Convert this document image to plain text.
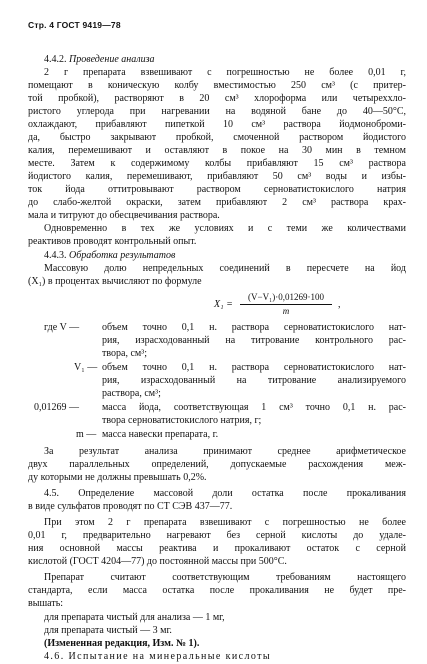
Стр. 4 ГОСТ 9419—78
4.4.2. Проведение анализа
2 г препарата взвешивают с погрешностью не более 0,01 г,
помещают в коническую колбу вместимостью 250 см³ (с притер-
той пробкой), растворяют в 20 см³ хлороформа или четыреххло-
ристого углерода при нагревании на водяной бане до 40—50°С,
охлаждают, прибавляют пипеткой 10 см³ раствора йодмоноброми-
да, быстро закрывают пробкой, смоченной раствором йодистого
калия, перемешивают и оставляют в покое на 30 мин в темном
месте. Затем к содержимому колбы прибавляют 15 см³ раствора
йодистого калия, перемешивают, прибавляют 50 см³ воды и избы-
ток йода оттитровывают раствором серноватистокислого натрия
до слабо-желтой окраски, затем прибавляют 2 см³ раствора крах-
мала и титруют до обесцвечивания раствора.
Одновременно в тех же условиях и с теми же количествами
реактивов проводят контрольный опыт.
4.4.3. Обработка результатов
Массовую долю непредельных соединений в пересчете на йод
(X₁) в процентах вычисляют по формуле
$X_1 = \frac{\text{(V−V₁)·0,01269·100}}{m}$ ,
где V — объем точно 0,1 н. раствора серноватистокислого нат-
рия, израсходованный на титрование контрольного рас-
твора, см³;
V₁ — объем точно 0,1 н. раствора серноватистокислого нат-
рия, израсходованный на титрование анализируемого
раствора, см³;
0,01269 — масса йода, соответствующая 1 см³ точно 0,1 н. рас-
твора серноватистокислого натрия, г;
m — масса навески препарата, г.
За результат анализа принимают среднее арифметическое
двух параллельных определений, допускаемые расхождения меж-
ду которыми не должны превышать 0,2%.
4.5. Определение массовой доли остатка после прокаливания
в виде сульфатов проводят по СТ СЭВ 437—77.
При этом 2 г препарата взвешивают с погрешностью не более
0,01 г, предварительно нагревают без серной кислоты до удале-
ния основной массы реактива и прокаливают остаток с серной
кислотой (ГОСТ 4204—77) до постоянной массы при 500°С.
Препарат считают соответствующим требованиям настоящего
стандарта, если масса остатка после прокаливания не будет пре-
вышать:
для препарата чистый для анализа — 1 мг,
для препарата чистый — 3 мг.
(Измененная редакция, Изм. № 1).
4.6. Испытание на минеральные кислоты
